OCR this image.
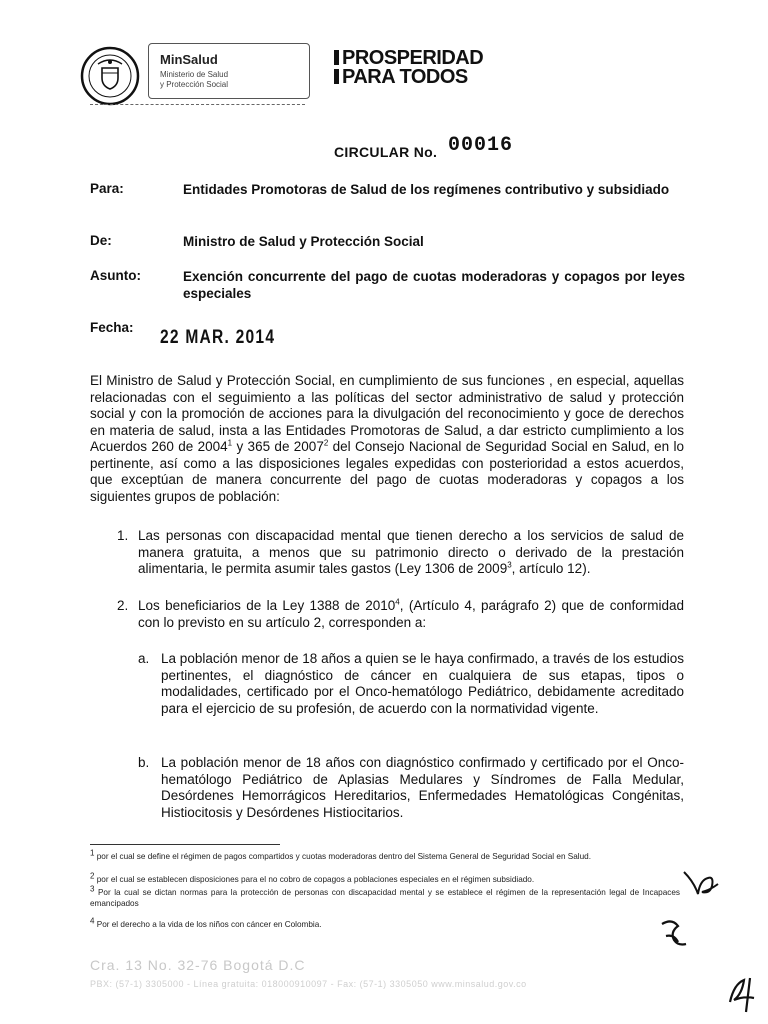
MinSalud
Ministerio de Salud
y Protección Social
PROSPERIDAD
PARA TODOS
CIRCULAR No. 00016
Para:	Entidades Promotoras de Salud de los regímenes contributivo y subsidiado
De:	Ministro de Salud y Protección Social
Asunto:	Exención concurrente del pago de cuotas moderadoras y copagos por leyes especiales
Fecha: 22 MAR. 2014
El Ministro de Salud y Protección Social, en cumplimiento de sus funciones , en especial, aquellas relacionadas con el seguimiento a las políticas del sector administrativo de salud y protección social y con la promoción de acciones para la divulgación del reconocimiento y goce de derechos en materia de salud, insta a las Entidades Promotoras de Salud, a dar estricto cumplimiento a los Acuerdos 260 de 2004$^1$ y 365 de 2007$^2$ del Consejo Nacional de Seguridad Social en Salud, en lo pertinente, así como a las disposiciones legales expedidas con posterioridad a estos acuerdos, que exceptúan de manera concurrente del pago de cuotas moderadoras y copagos a los siguientes grupos de población:
1. Las personas con discapacidad mental que tienen derecho a los servicios de salud de manera gratuita, a menos que su patrimonio directo o derivado de la prestación alimentaria, le permita asumir tales gastos (Ley 1306 de 2009$^3$, artículo 12).
2. Los beneficiarios de la Ley 1388 de 2010$^4$, (Artículo 4, parágrafo 2) que de conformidad con lo previsto en su artículo 2, corresponden a:
a. La población menor de 18 años a quien se le haya confirmado, a través de los estudios pertinentes, el diagnóstico de cáncer en cualquiera de sus etapas, tipos o modalidades, certificado por el Onco-hematólogo Pediátrico, debidamente acreditado para el ejercicio de su profesión, de acuerdo con la normatividad vigente.
b. La población menor de 18 años con diagnóstico confirmado y certificado por el Onco-hematólogo Pediátrico de Aplasias Medulares y Síndromes de Falla Medular, Desórdenes Hemorrágicos Hereditarios, Enfermedades Hematológicas Congénitas, Histiocitosis y Desórdenes Histiocitarios.
$^1$ por el cual se define el régimen de pagos compartidos y cuotas moderadoras dentro del Sistema General de Seguridad Social en Salud.
$^2$ por el cual se establecen disposiciones para el no cobro de copagos a poblaciones especiales en el régimen subsidiado.
$^3$ Por la cual se dictan normas para la protección de personas con discapacidad mental y se establece el régimen de la representación legal de Incapaces emancipados
$^4$ Por el derecho a la vida de los niños con cáncer en Colombia.
Cra. 13 No. 32-76 Bogotá D.C
PBX: (57-1) 3305000 - Línea gratuita: 018000910097 - Fax: (57-1) 3305050 www.minsalud.gov.co
